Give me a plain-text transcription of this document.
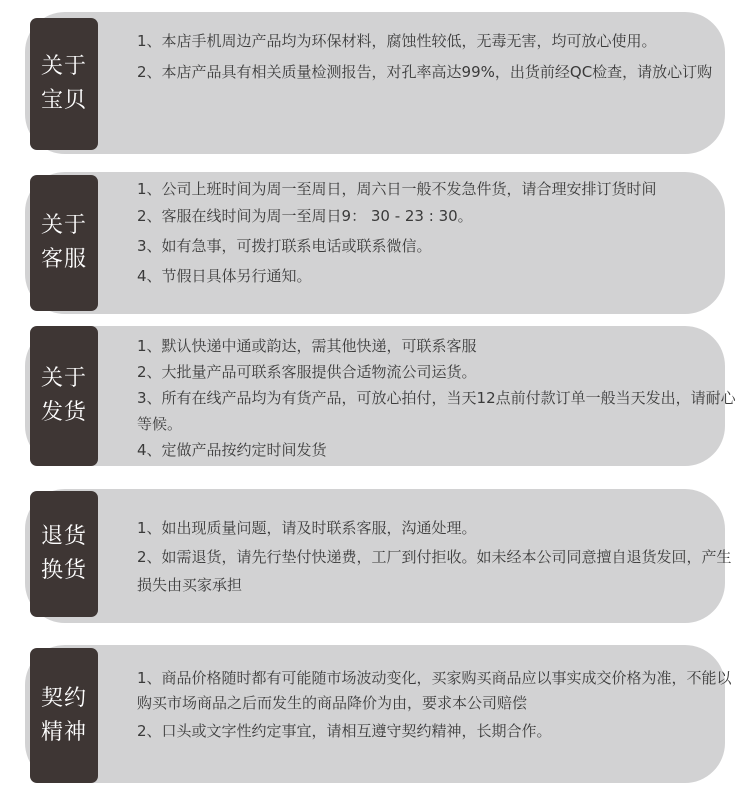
关于
宝贝

1、本店手机周边产品均为环保材料，腐蚀性较低，无毒无害，均可放心使用。

2、本店产品具有相关质量检测报告，对孔率高达99%，出货前经QC检查，请放心订购

关于
客服

1、公司上班时间为周一至周日，周六日一般不发急件货，请合理安排订货时间

2、客服在线时间为周一至周日9： 30 - 23 : 30。

3、如有急事，可拨打联系电话或联系微信。

4、节假日具体另行通知。

关于
发货

1、默认快递中通或韵达，需其他快递，可联系客服

2、大批量产品可联系客服提供合适物流公司运货。

3、所有在线产品均为有货产品，可放心拍付，当天12点前付款订单一般当天发出，请耐心等候。

4、定做产品按约定时间发货

退货
换货

1、如出现质量问题，请及时联系客服，沟通处理。

2、如需退货，请先行垫付快递费，工厂到付拒收。如未经本公司同意擅自退货发回，产生损失由买家承担

契约
精神

1、商品价格随时都有可能随市场波动变化，买家购买商品应以事实成交价格为准，不能以购买市场商品之后而发生的商品降价为由，要求本公司赔偿

2、口头或文字性约定事宜，请相互遵守契约精神，长期合作。
